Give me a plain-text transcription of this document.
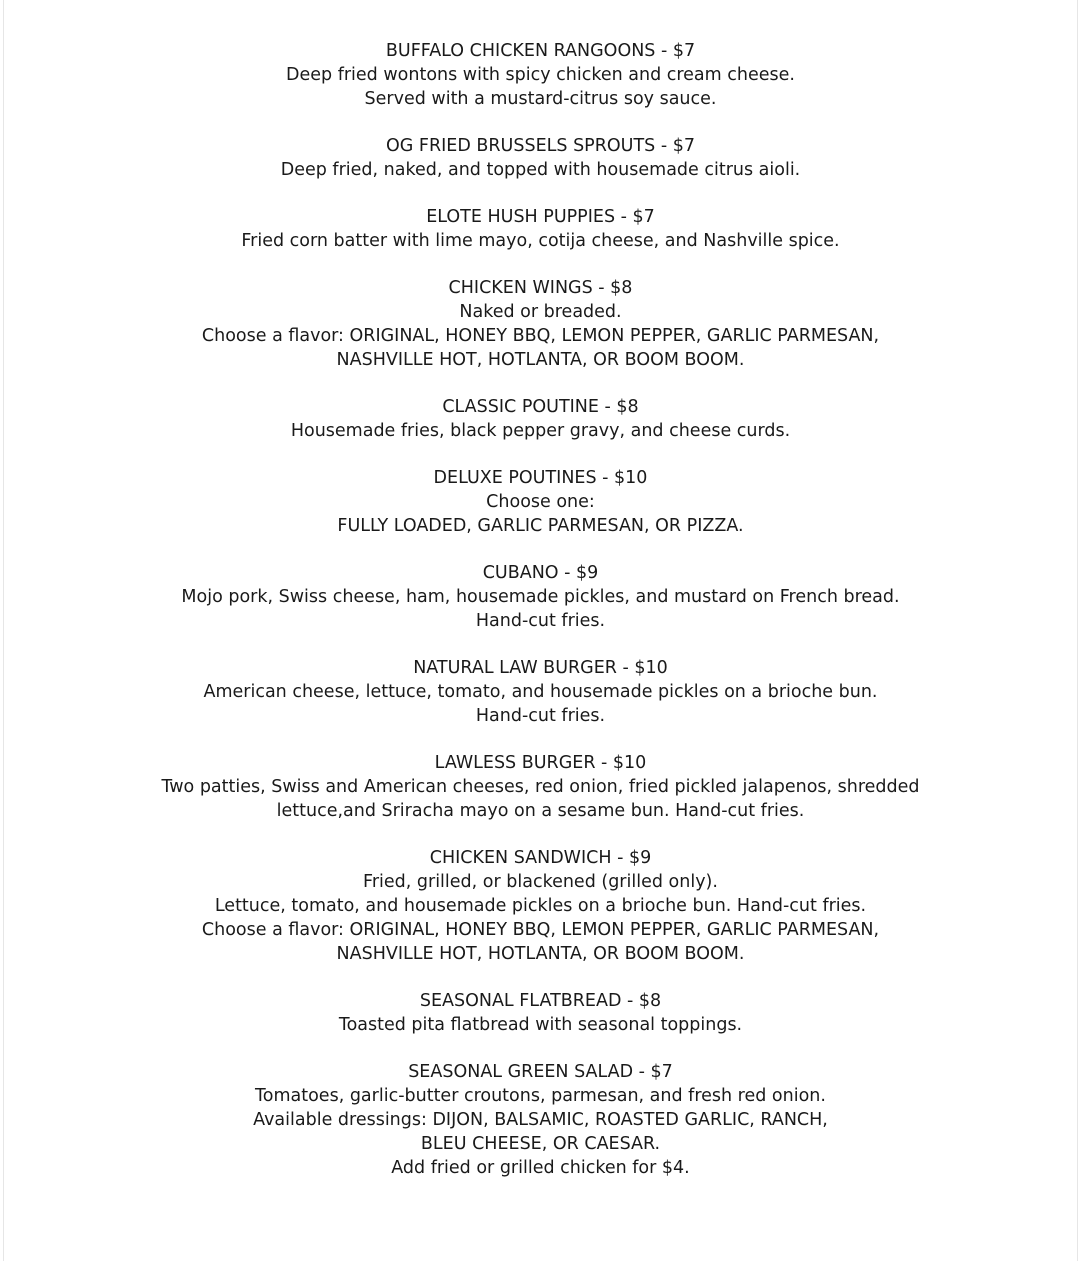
BUFFALO CHICKEN RANGOONS - $7
Deep fried wontons with spicy chicken and cream cheese.
Served with a mustard-citrus soy sauce.
OG FRIED BRUSSELS SPROUTS - $7
Deep fried, naked, and topped with housemade citrus aioli.
ELOTE HUSH PUPPIES - $7
Fried corn batter with lime mayo, cotija cheese, and Nashville spice.
CHICKEN WINGS - $8
Naked or breaded.
Choose a flavor: ORIGINAL, HONEY BBQ, LEMON PEPPER, GARLIC PARMESAN,
NASHVILLE HOT, HOTLANTA, OR BOOM BOOM.
CLASSIC POUTINE - $8
Housemade fries, black pepper gravy, and cheese curds.
DELUXE POUTINES - $10
Choose one:
FULLY LOADED, GARLIC PARMESAN, OR PIZZA.
CUBANO - $9
Mojo pork, Swiss cheese, ham, housemade pickles, and mustard on French bread.
Hand-cut fries.
NATURAL LAW BURGER - $10
American cheese, lettuce, tomato, and housemade pickles on a brioche bun.
Hand-cut fries.
LAWLESS BURGER - $10
Two patties, Swiss and American cheeses, red onion, fried pickled jalapenos, shredded
lettuce,and Sriracha mayo on a sesame bun. Hand-cut fries.
CHICKEN SANDWICH - $9
Fried, grilled, or blackened (grilled only).
Lettuce, tomato, and housemade pickles on a brioche bun. Hand-cut fries.
Choose a flavor: ORIGINAL, HONEY BBQ, LEMON PEPPER, GARLIC PARMESAN,
NASHVILLE HOT, HOTLANTA, OR BOOM BOOM.
SEASONAL FLATBREAD - $8
Toasted pita flatbread with seasonal toppings.
SEASONAL GREEN SALAD - $7
Tomatoes, garlic-butter croutons, parmesan, and fresh red onion.
Available dressings: DIJON, BALSAMIC, ROASTED GARLIC, RANCH,
BLEU CHEESE, OR CAESAR.
Add fried or grilled chicken for $4.
